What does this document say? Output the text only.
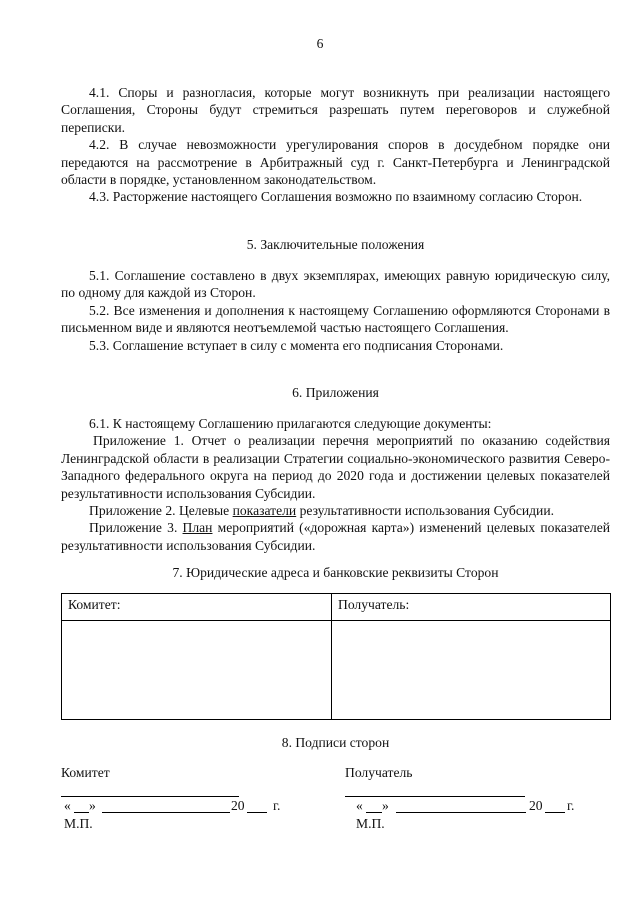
6

4.1. Споры и разногласия, которые могут возникнуть при реализации настоящего Соглашения, Стороны будут стремиться разрешать путем переговоров и служебной переписки.

4.2. В случае невозможности урегулирования споров в досудебном порядке они передаются на рассмотрение в Арбитражный суд г. Санкт-Петербурга и Ленинградской области в порядке, установленном законодательством.

4.3. Расторжение настоящего Соглашения возможно по взаимному согласию Сторон.

5. Заключительные положения

5.1. Соглашение составлено в двух экземплярах, имеющих равную юридическую силу, по одному для каждой из Сторон.

5.2. Все изменения и дополнения к настоящему Соглашению оформляются Сторонами в письменном виде и являются неотъемлемой частью настоящего Соглашения.

5.3. Соглашение вступает в силу с момента его подписания Сторонами.

6. Приложения

6.1. К настоящему Соглашению прилагаются следующие документы:

Приложение 1. Отчет о реализации перечня мероприятий по оказанию содействия Ленинградской области в реализации Стратегии социально-экономического развития Северо-Западного федерального округа на период до 2020 года и достижении целевых показателей результативности использования Субсидии.

Приложение 2. Целевые показатели результативности использования Субсидии.

Приложение 3. План мероприятий («дорожная карта») изменений целевых показателей результативности использования Субсидии.

7. Юридические адреса и банковские реквизиты Сторон
Комитет:	Получатель:

8. Подписи сторон
Комитет
« »	20 г.
М.П.
Получатель
« »	20 г.
М.П.
